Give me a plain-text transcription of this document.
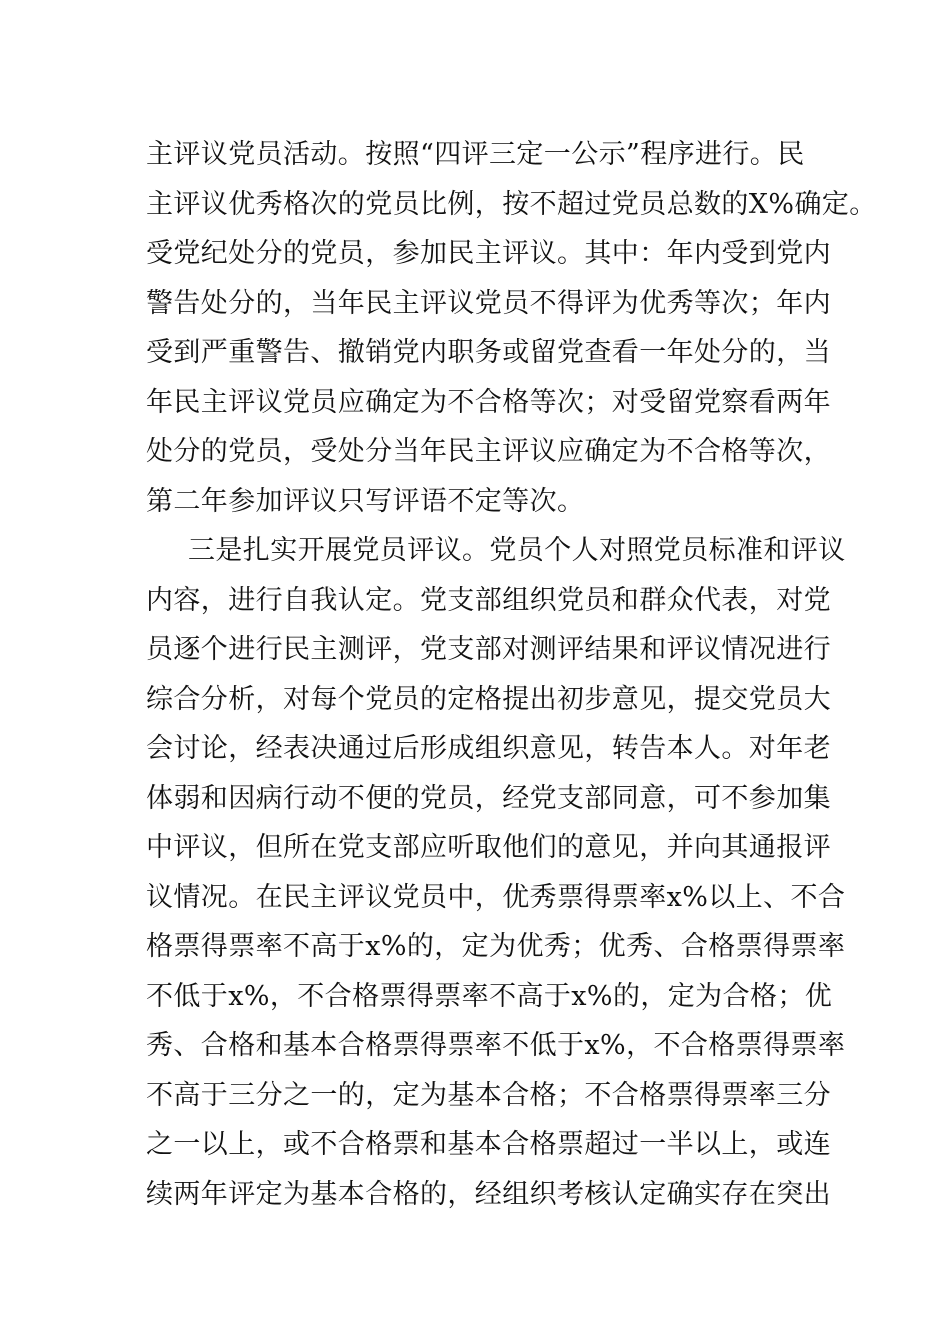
主评议党员活动。按照“四评三定一公示”程序进行。民
主评议优秀格次的党员比例，按不超过党员总数的X%确定。
受党纪处分的党员，参加民主评议。其中：年内受到党内
警告处分的，当年民主评议党员不得评为优秀等次；年内
受到严重警告、撤销党内职务或留党查看一年处分的，当
年民主评议党员应确定为不合格等次；对受留党察看两年
处分的党员，受处分当年民主评议应确定为不合格等次，
第二年参加评议只写评语不定等次。
三是扎实开展党员评议。党员个人对照党员标准和评议
内容，进行自我认定。党支部组织党员和群众代表，对党
员逐个进行民主测评，党支部对测评结果和评议情况进行
综合分析，对每个党员的定格提出初步意见，提交党员大
会讨论，经表决通过后形成组织意见，转告本人。对年老
体弱和因病行动不便的党员，经党支部同意，可不参加集
中评议，但所在党支部应听取他们的意见，并向其通报评
议情况。在民主评议党员中，优秀票得票率x%以上、不合
格票得票率不高于x%的，定为优秀；优秀、合格票得票率
不低于x%，不合格票得票率不高于x%的，定为合格；优
秀、合格和基本合格票得票率不低于x%，不合格票得票率
不高于三分之一的，定为基本合格；不合格票得票率三分
之一以上，或不合格票和基本合格票超过一半以上，或连
续两年评定为基本合格的，经组织考核认定确实存在突出
